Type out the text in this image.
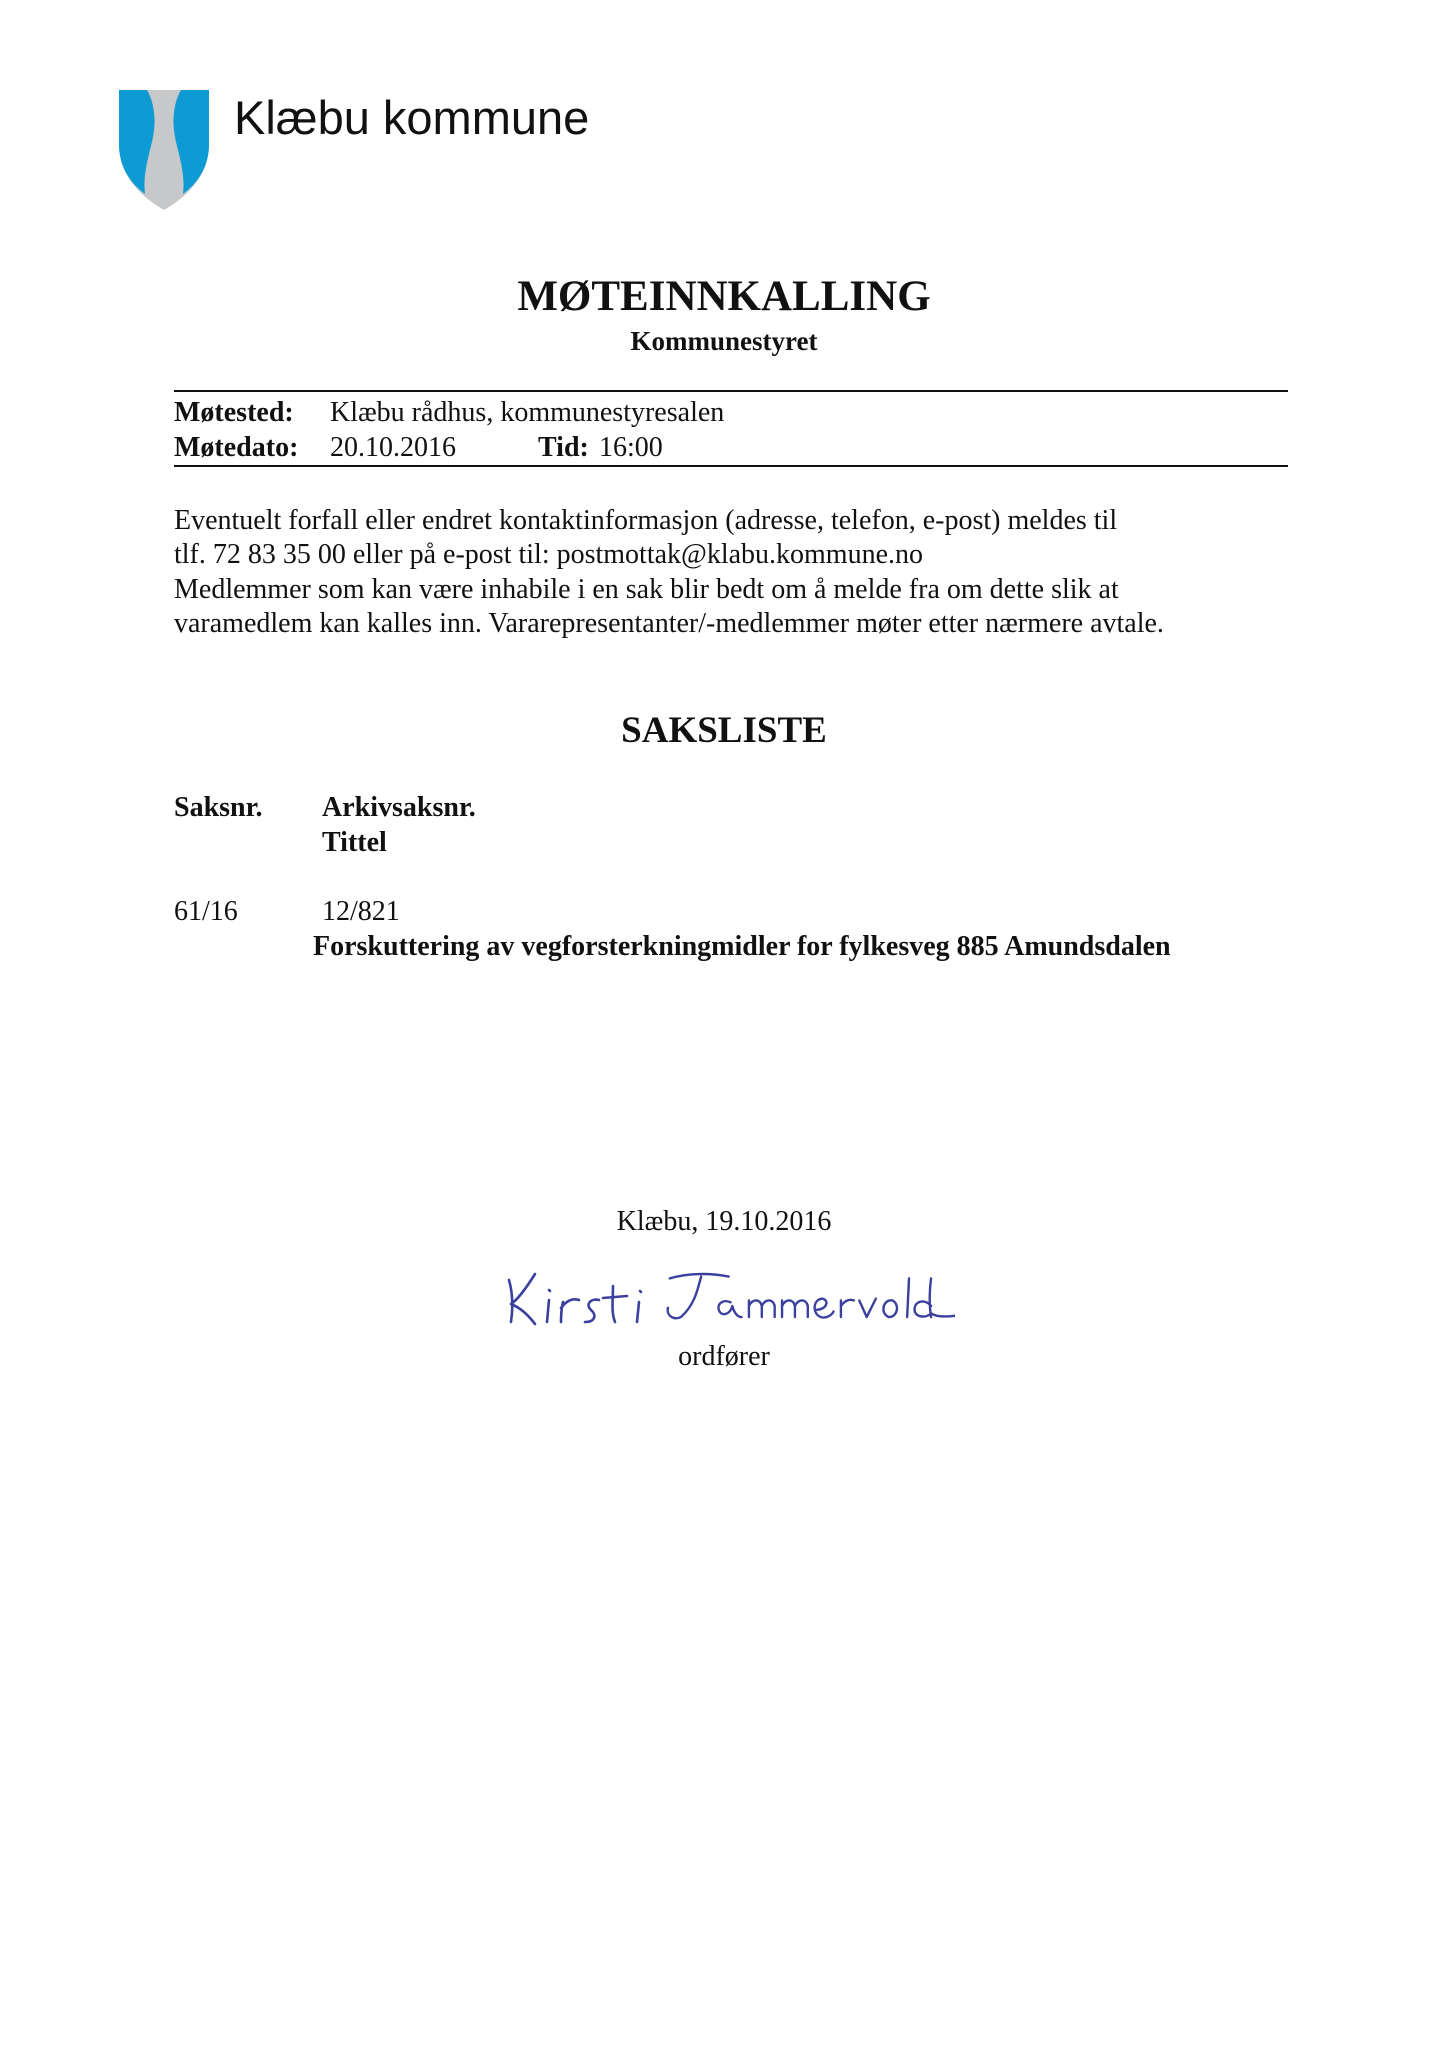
Klæbu kommune
MØTEINNKALLING
Kommunestyret
Møtested: Klæbu rådhus, kommunestyresalen
Møtedato: 20.10.2016	Tid: 16:00
Eventuelt forfall eller endret kontaktinformasjon (adresse, telefon, e-post) meldes til
tlf. 72 83 35 00 eller på e-post til: postmottak@klabu.kommune.no
Medlemmer som kan være inhabile i en sak blir bedt om å melde fra om dette slik at
varamedlem kan kalles inn. Vararepresentanter/-medlemmer møter etter nærmere avtale.
SAKSLISTE
Saksnr. Arkivsaksnr.
Tittel
61/16	12/821
Forskuttering av vegforsterkningmidler for fylkesveg 885 Amundsdalen
Klæbu, 19.10.2016
ordfører
